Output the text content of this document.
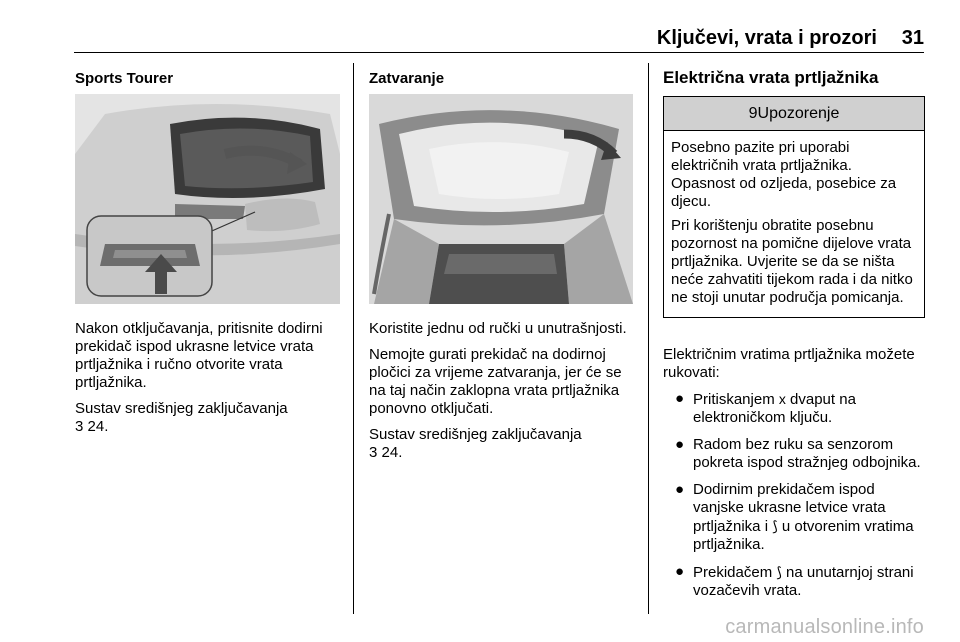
Ključevi, vrata i prozori 31
Sports Tourer

Nakon otključavanja, pritisnite dodirni prekidač ispod ukrasne letvice vrata prtljažnika i ručno otvorite vrata prtljažnika.

Sustav središnjeg zaključavanja
3 24.

Zatvaranje

Koristite jednu od ručki u unutrašnjosti.

Nemojte gurati prekidač na dodirnoj pločici za vrijeme zatvaranja, jer će se na taj način zaklopna vrata prtljažnika ponovno otključati.

Sustav središnjeg zaključavanja
3 24.

Električna vrata prtljažnika
9Upozorenje

Posebno pazite pri uporabi električnih vrata prtljažnika. Opasnost od ozljeda, posebice za djecu.

Pri korištenju obratite posebnu pozornost na pomične dijelove vrata prtljažnika. Uvjerite se da se ništa neće zahvatiti tijekom rada i da nitko ne stoji unutar područja pomicanja.

Električnim vratima prtljažnika možete rukovati:

● Pritiskanjem x dvaput na elektroničkom ključu.
● Radom bez ruku sa senzorom pokreta ispod stražnjeg odbojnika.
● Dodirnim prekidačem ispod vanjske ukrasne letvice vrata prtljažnika i ⟆ u otvorenim vratima prtljažnika.
● Prekidačem ⟆ na unutarnjoj strani vozačevih vrata.
carmanualsonline.info
